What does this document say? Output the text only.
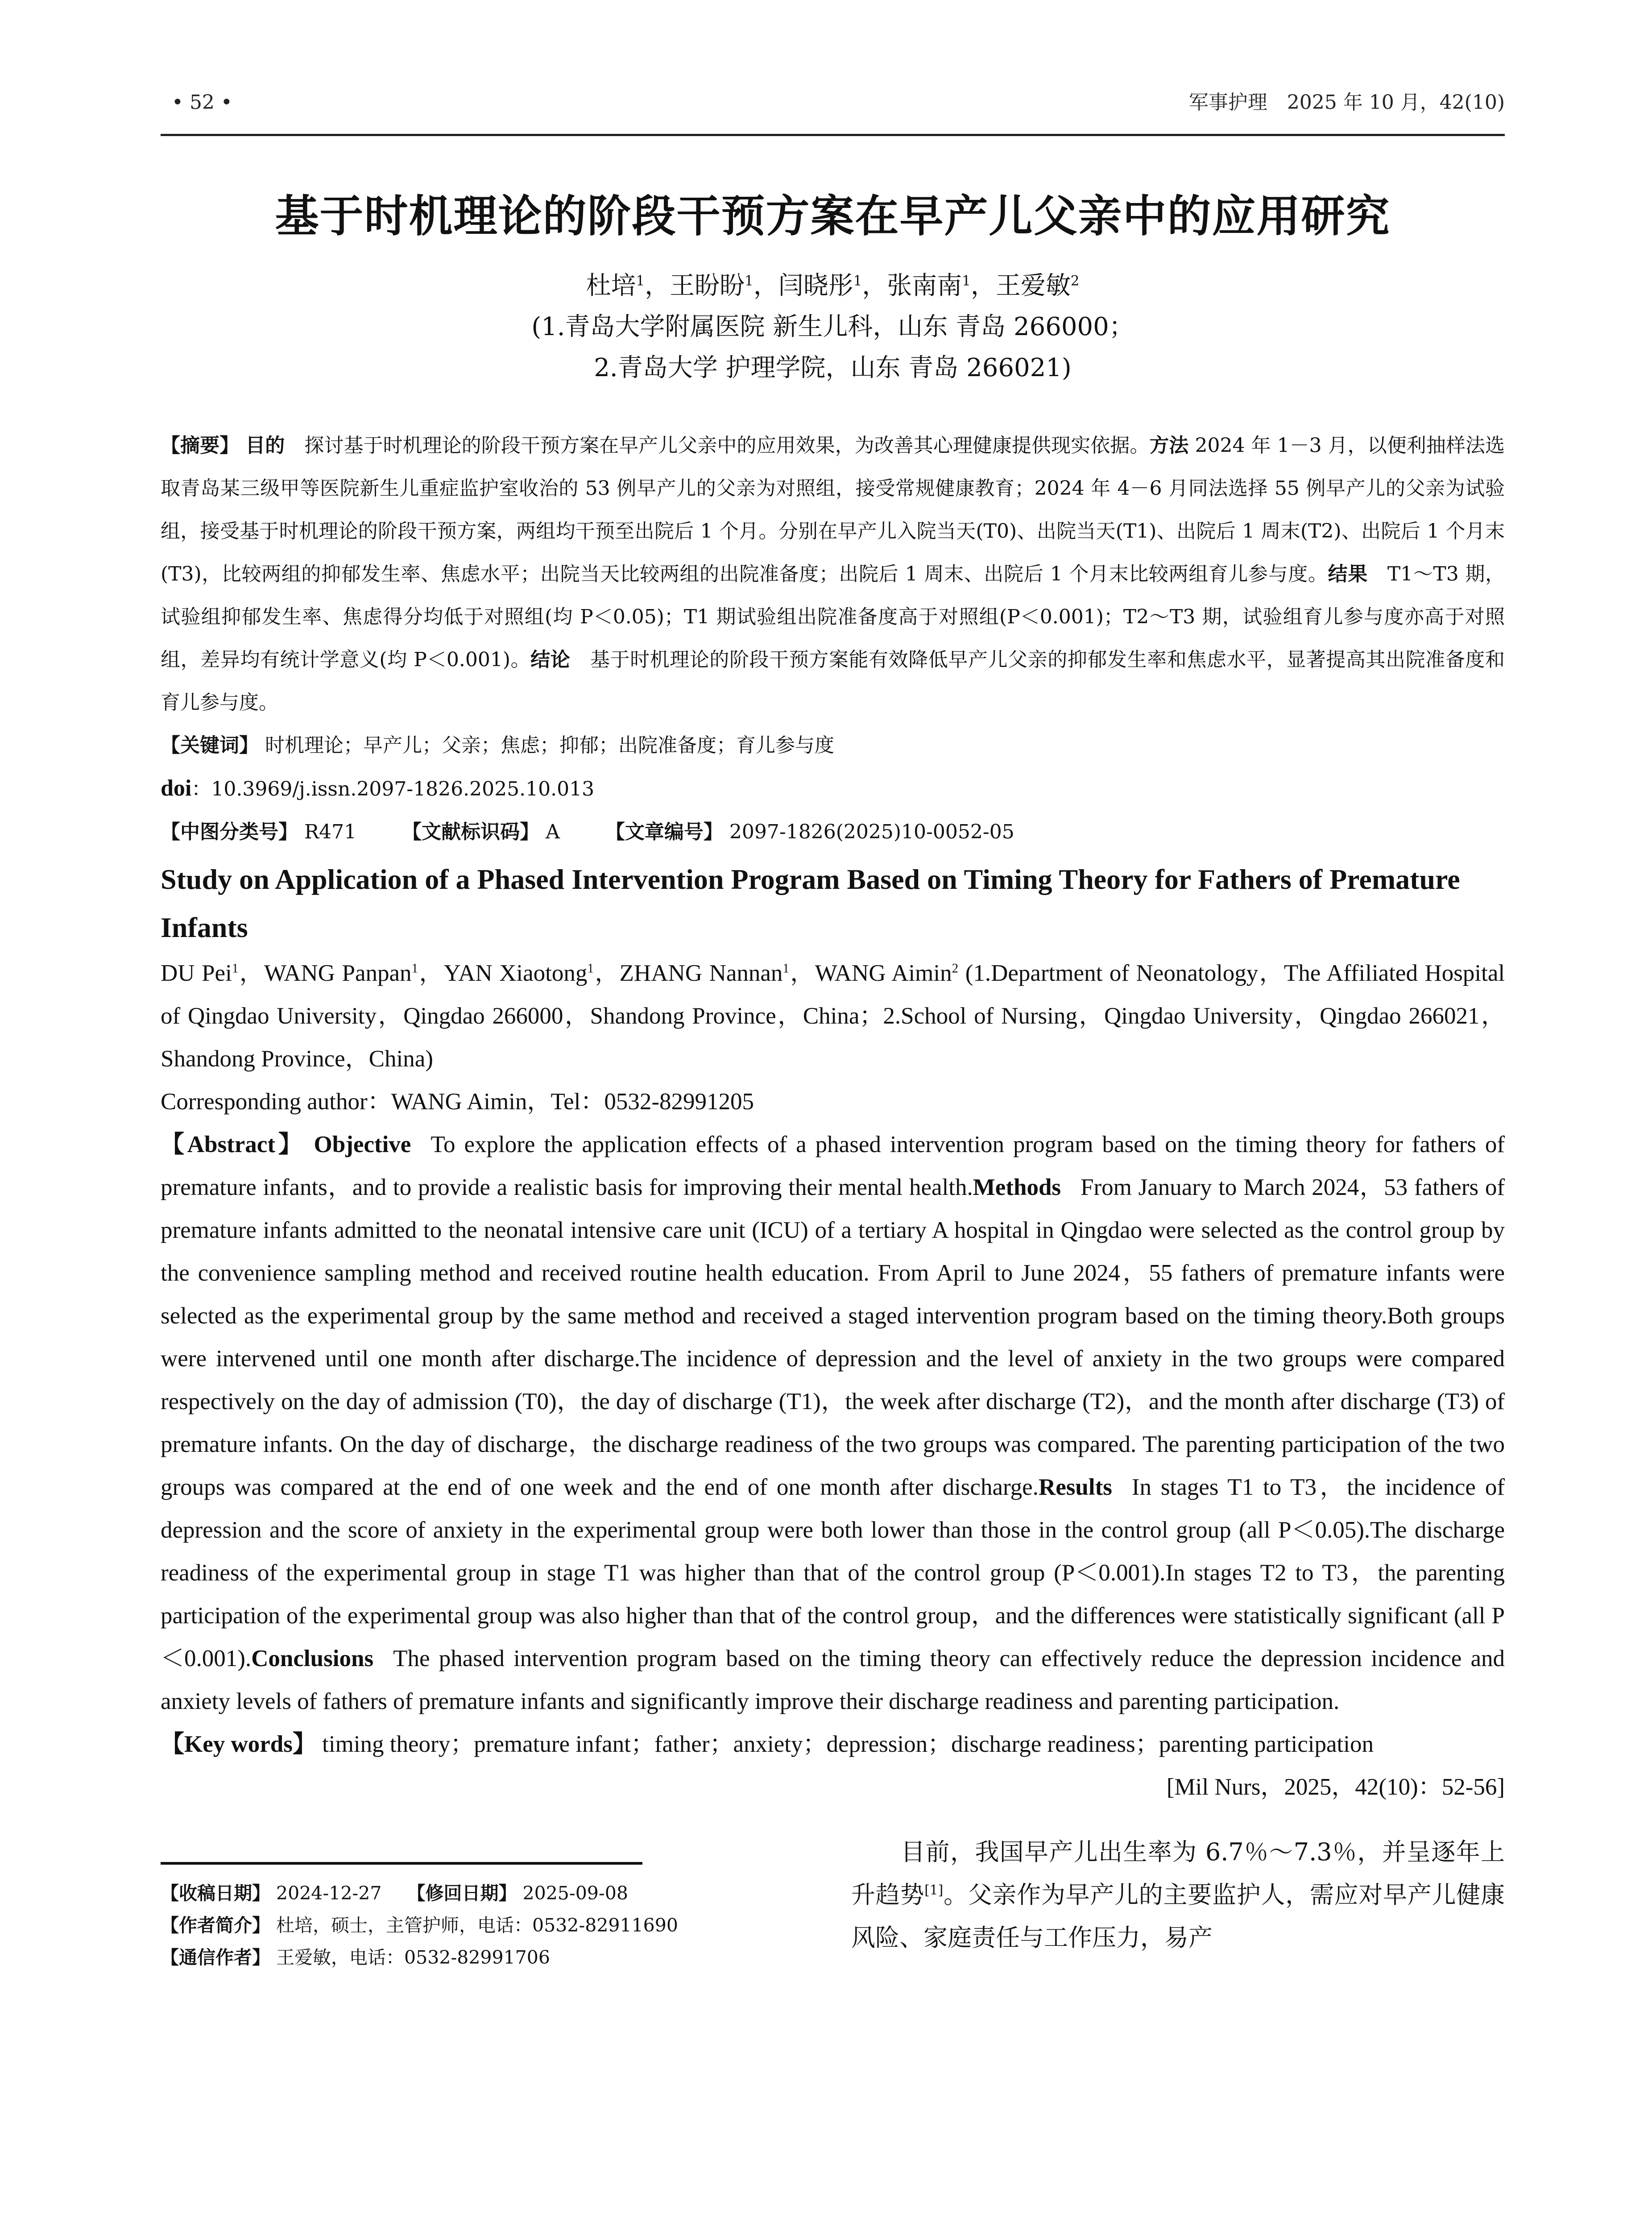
• 52 •	军事护理　2025 年 10 月，42(10)
基于时机理论的阶段干预方案在早产儿父亲中的应用研究
杜培$^1$，王盼盼$^1$，闫晓彤$^1$，张南南$^1$，王爱敏$^2$
(1.青岛大学附属医院 新生儿科，山东 青岛 266000；
2.青岛大学 护理学院，山东 青岛 266021)
【摘要】 目的 探讨基于时机理论的阶段干预方案在早产儿父亲中的应用效果，为改善其心理健康提供现实依据。方法 2024 年 1－3 月，以便利抽样法选取青岛某三级甲等医院新生儿重症监护室收治的 53 例早产儿的父亲为对照组，接受常规健康教育；2024 年 4－6 月同法选择 55 例早产儿的父亲为试验组，接受基于时机理论的阶段干预方案，两组均干预至出院后 1 个月。分别在早产儿入院当天(T0)、出院当天(T1)、出院后 1 周末(T2)、出院后 1 个月末(T3)，比较两组的抑郁发生率、焦虑水平；出院当天比较两组的出院准备度；出院后 1 周末、出院后 1 个月末比较两组育儿参与度。结果 T1～T3 期，试验组抑郁发生率、焦虑得分均低于对照组(均 P＜0.05)；T1 期试验组出院准备度高于对照组(P＜0.001)；T2～T3 期，试验组育儿参与度亦高于对照组，差异均有统计学意义(均 P＜0.001)。结论 基于时机理论的阶段干预方案能有效降低早产儿父亲的抑郁发生率和焦虑水平，显著提高其出院准备度和育儿参与度。
【关键词】 时机理论；早产儿；父亲；焦虑；抑郁；出院准备度；育儿参与度
doi：10.3969/j.issn.2097-1826.2025.10.013
【中图分类号】 R471 【文献标识码】 A 【文章编号】 2097-1826(2025)10-0052-05
Study on Application of a Phased Intervention Program Based on Timing Theory for Fathers of Premature Infants
DU Pei$^1$，WANG Panpan$^1$，YAN Xiaotong$^1$，ZHANG Nannan$^1$，WANG Aimin$^2$ (1.Department of Neonatology，The Affiliated Hospital of Qingdao University，Qingdao 266000，Shandong Province，China；2.School of Nursing，Qingdao University，Qingdao 266021，Shandong Province，China)
Corresponding author：WANG Aimin，Tel：0532-82991205
【Abstract】 Objective To explore the application effects of a phased intervention program based on the timing theory for fathers of premature infants，and to provide a realistic basis for improving their mental health.Methods From January to March 2024，53 fathers of premature infants admitted to the neonatal intensive care unit (ICU) of a tertiary A hospital in Qingdao were selected as the control group by the convenience sampling method and received routine health education. From April to June 2024，55 fathers of premature infants were selected as the experimental group by the same method and received a staged intervention program based on the timing theory.Both groups were intervened until one month after discharge.The incidence of depression and the level of anxiety in the two groups were compared respectively on the day of admission (T0)，the day of discharge (T1)，the week after discharge (T2)，and the month after discharge (T3) of premature infants. On the day of discharge，the discharge readiness of the two groups was compared. The parenting participation of the two groups was compared at the end of one week and the end of one month after discharge.Results In stages T1 to T3，the incidence of depression and the score of anxiety in the experimental group were both lower than those in the control group (all P＜0.05).The discharge readiness of the experimental group in stage T1 was higher than that of the control group (P＜0.001).In stages T2 to T3，the parenting participation of the experimental group was also higher than that of the control group，and the differences were statistically significant (all P＜0.001).Conclusions The phased intervention program based on the timing theory can effectively reduce the depression incidence and anxiety levels of fathers of premature infants and significantly improve their discharge readiness and parenting participation.
【Key words】 timing theory；premature infant；father；anxiety；depression；discharge readiness；parenting participation
[Mil Nurs，2025，42(10)：52-56]
【收稿日期】 2024-12-27 【修回日期】 2025-09-08
【作者简介】 杜培，硕士，主管护师，电话：0532-82911690
【通信作者】 王爱敏，电话：0532-82991706
目前，我国早产儿出生率为 6.7％～7.3％，并呈逐年上升趋势[1]。父亲作为早产儿的主要监护人，需应对早产儿健康风险、家庭责任与工作压力，易产
